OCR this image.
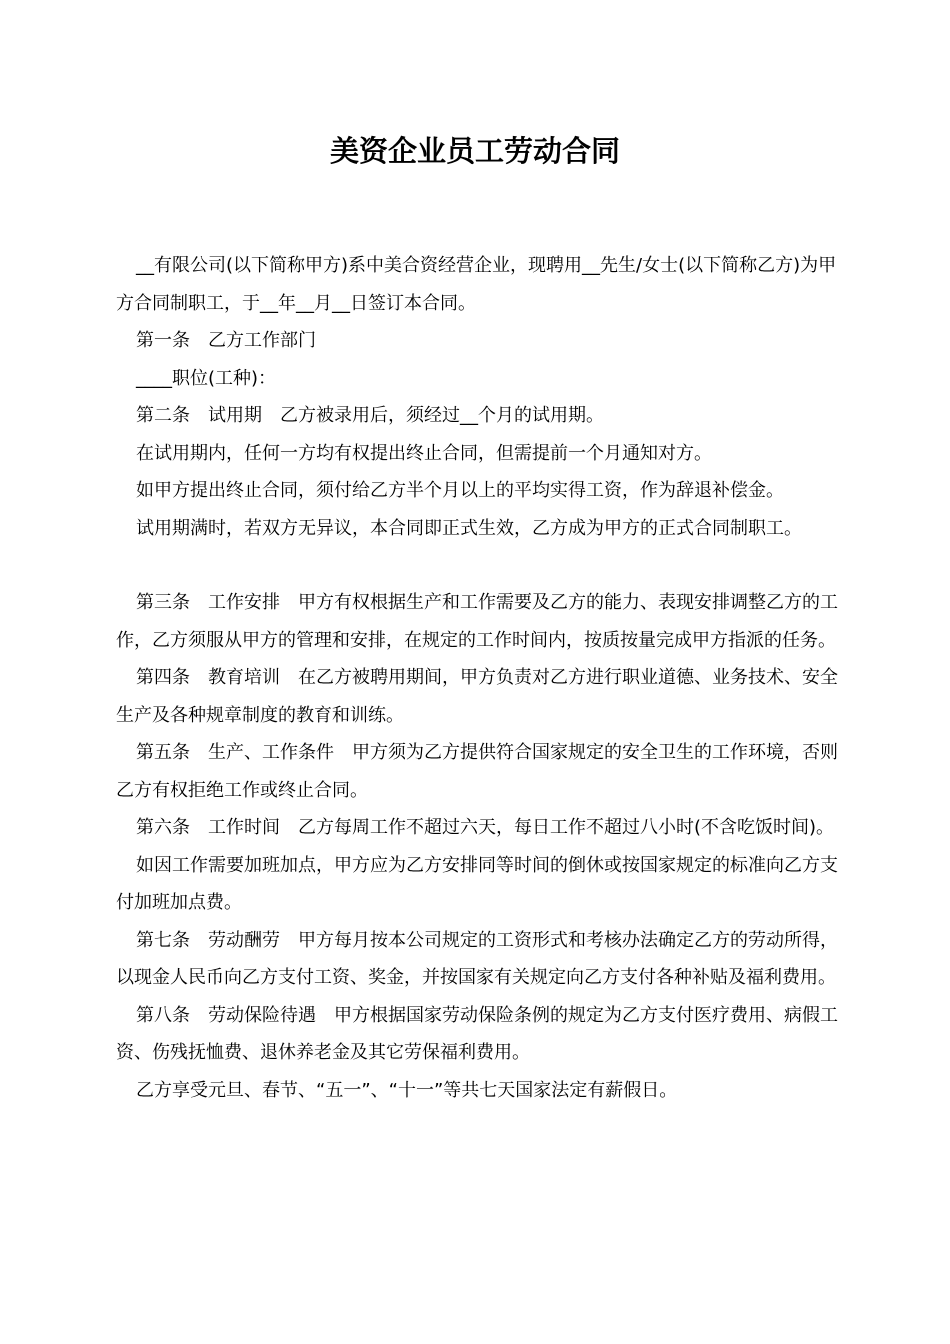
美资企业员工劳动合同

__有限公司(以下简称甲方)系中美合资经营企业，现聘用__先生/女士(以下简称乙方)为甲方合同制职工，于__年__月__日签订本合同。

第一条　乙方工作部门

____职位(工种)：

第二条　试用期　乙方被录用后，须经过__个月的试用期。

在试用期内，任何一方均有权提出终止合同，但需提前一个月通知对方。

如甲方提出终止合同，须付给乙方半个月以上的平均实得工资，作为辞退补偿金。

试用期满时，若双方无异议，本合同即正式生效，乙方成为甲方的正式合同制职工。

第三条　工作安排　甲方有权根据生产和工作需要及乙方的能力、表现安排调整乙方的工作，乙方须服从甲方的管理和安排，在规定的工作时间内，按质按量完成甲方指派的任务。

第四条　教育培训　在乙方被聘用期间，甲方负责对乙方进行职业道德、业务技术、安全生产及各种规章制度的教育和训练。

第五条　生产、工作条件　甲方须为乙方提供符合国家规定的安全卫生的工作环境，否则乙方有权拒绝工作或终止合同。

第六条　工作时间　乙方每周工作不超过六天，每日工作不超过八小时(不含吃饭时间)。

如因工作需要加班加点，甲方应为乙方安排同等时间的倒休或按国家规定的标准向乙方支付加班加点费。

第七条　劳动酬劳　甲方每月按本公司规定的工资形式和考核办法确定乙方的劳动所得，以现金人民币向乙方支付工资、奖金，并按国家有关规定向乙方支付各种补贴及福利费用。

第八条　劳动保险待遇　甲方根据国家劳动保险条例的规定为乙方支付医疗费用、病假工资、伤残抚恤费、退休养老金及其它劳保福利费用。

乙方享受元旦、春节、“五一”、“十一”等共七天国家法定有薪假日。
